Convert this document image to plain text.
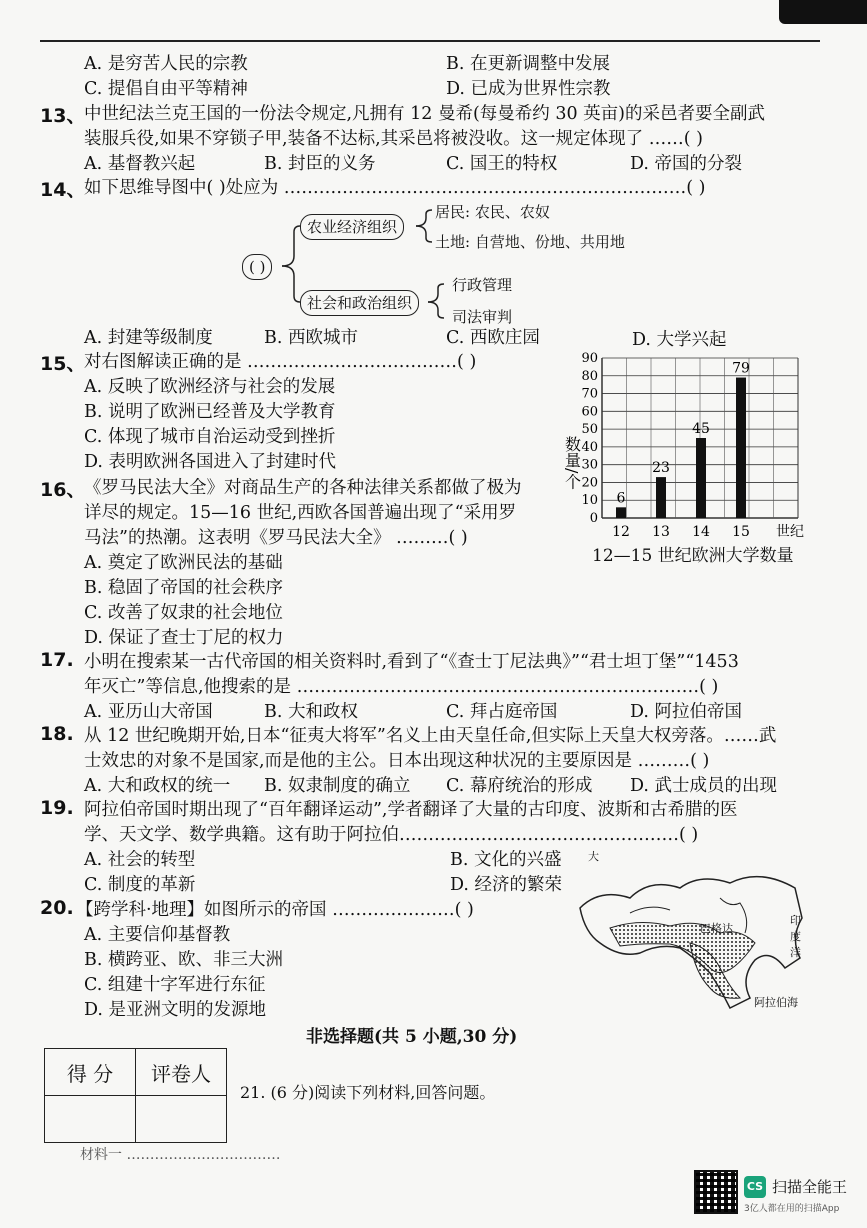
A. 是穷苦人民的宗教	B. 在更新调整中发展
C. 提倡自由平等精神	D. 已成为世界性宗教
13、
中世纪法兰克王国的一份法令规定,凡拥有 12 曼希(每曼希约 30 英亩)的采邑者要全副武
装服兵役,如果不穿锁子甲,装备不达标,其采邑将被没收。这一规定体现了 ……( )
A. 基督教兴起	B. 封臣的义务	C. 国王的特权	D. 帝国的分裂
14、
如下思维导图中( )处应为 ……………………………………………………………( )
( )
农业经济组织
居民: 农民、农奴
土地: 自营地、份地、共用地
社会和政治组织
行政管理
司法审判
A. 封建等级制度	B. 西欧城市	C. 西欧庄园	D. 大学兴起
15、
对右图解读正确的是 ………………………………( )
A. 反映了欧洲经济与社会的发展
B. 说明了欧洲已经普及大学教育
C. 体现了城市自治运动受到挫折
D. 表明欧洲各国进入了封建时代
0
10
20
30
40
50
60
70
80
90
数量/个
6
12
23
13
45
14
79
15 世纪
12—15 世纪欧洲大学数量
16、
《罗马民法大全》对商品生产的各种法律关系都做了极为
详尽的规定。15—16 世纪,西欧各国普遍出现了“采用罗
马法”的热潮。这表明《罗马民法大全》 ………( )
A. 奠定了欧洲民法的基础
B. 稳固了帝国的社会秩序
C. 改善了奴隶的社会地位
D. 保证了查士丁尼的权力
17. 小明在搜索某一古代帝国的相关资料时,看到了“《查士丁尼法典》”“君士坦丁堡”“1453
年灭亡”等信息,他搜索的是 ……………………………………………………………( )
A. 亚历山大帝国	B. 大和政权	C. 拜占庭帝国	D. 阿拉伯帝国
18. 从 12 世纪晚期开始,日本“征夷大将军”名义上由天皇任命,但实际上天皇大权旁落。……武
士效忠的对象不是国家,而是他的主公。日本出现这种状况的主要原因是 ………( )
A. 大和政权的统一 B. 奴隶制度的确立 C. 幕府统治的形成 D. 武士成员的出现
19. 阿拉伯帝国时期出现了“百年翻译运动”,学者翻译了大量的古印度、波斯和古希腊的医
学、天文学、数学典籍。这有助于阿拉伯…………………………………………( )
A. 社会的转型	B. 文化的兴盛
C. 制度的革新	D. 经济的繁荣
20. 【跨学科·地理】如图所示的帝国 …………………( )
A. 主要信仰基督教
B. 横跨亚、欧、非三大洲
C. 组建十字军进行东征
D. 是亚洲文明的发源地
大
巴格达
印
度
洋
阿拉伯海
非选择题(共 5 小题,30 分)
得 分	评卷人

21. (6 分)阅读下列材料,回答问题。
材料一 ……………………………
CS 扫描全能王
3亿人都在用的扫描App
